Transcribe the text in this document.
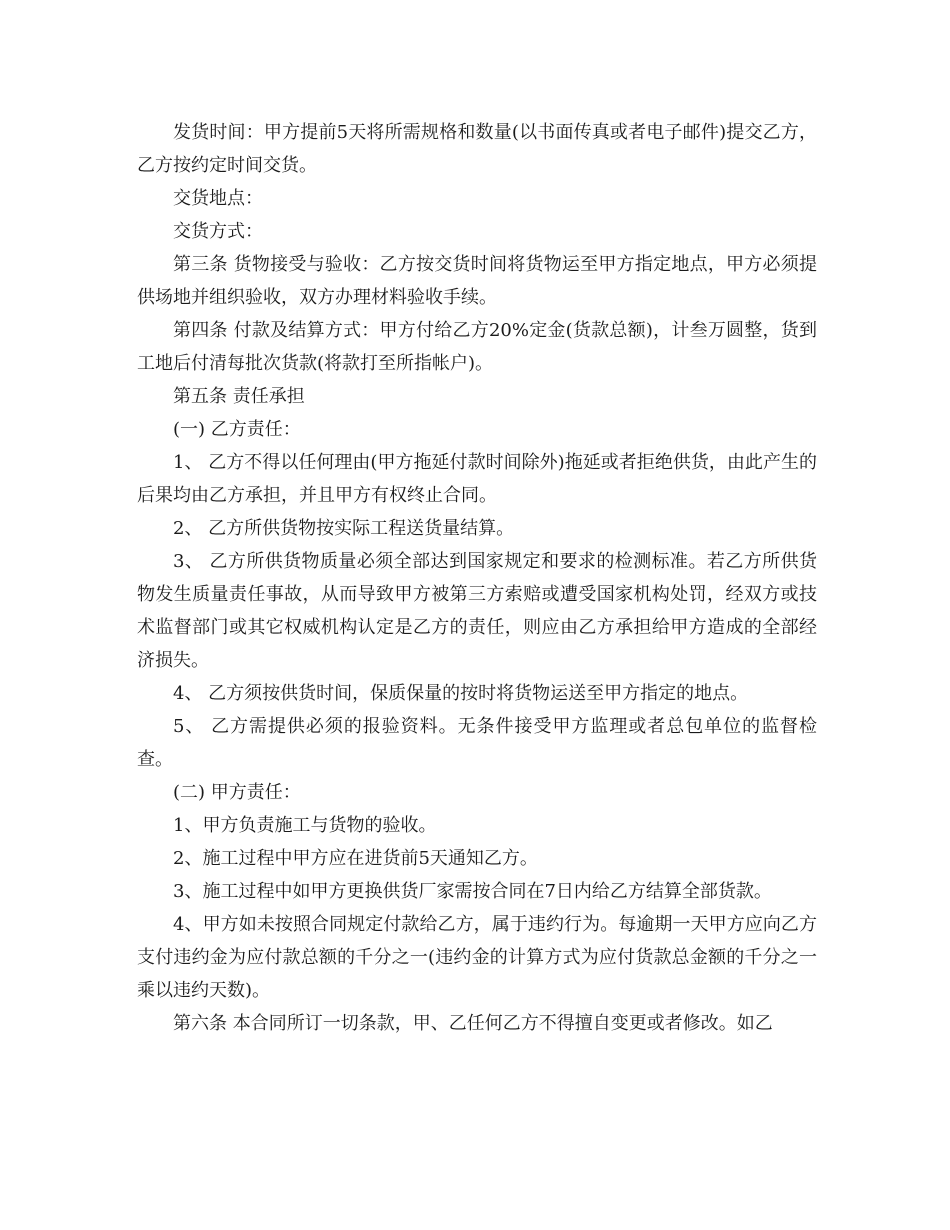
发货时间：甲方提前5天将所需规格和数量(以书面传真或者电子邮件)提交乙方，乙方按约定时间交货。

交货地点：

交货方式：

第三条 货物接受与验收：乙方按交货时间将货物运至甲方指定地点，甲方必须提供场地并组织验收，双方办理材料验收手续。

第四条 付款及结算方式：甲方付给乙方20%定金(货款总额)，计叁万圆整，货到工地后付清每批次货款(将款打至所指帐户)。

第五条 责任承担

(一) 乙方责任：

1、 乙方不得以任何理由(甲方拖延付款时间除外)拖延或者拒绝供货，由此产生的后果均由乙方承担，并且甲方有权终止合同。

2、 乙方所供货物按实际工程送货量结算。

3、 乙方所供货物质量必须全部达到国家规定和要求的检测标准。若乙方所供货物发生质量责任事故，从而导致甲方被第三方索赔或遭受国家机构处罚，经双方或技术监督部门或其它权威机构认定是乙方的责任，则应由乙方承担给甲方造成的全部经济损失。

4、 乙方须按供货时间，保质保量的按时将货物运送至甲方指定的地点。

5、 乙方需提供必须的报验资料。无条件接受甲方监理或者总包单位的监督检查。

(二) 甲方责任：

1、甲方负责施工与货物的验收。

2、施工过程中甲方应在进货前5天通知乙方。

3、施工过程中如甲方更换供货厂家需按合同在7日内给乙方结算全部货款。

4、甲方如未按照合同规定付款给乙方，属于违约行为。每逾期一天甲方应向乙方支付违约金为应付款总额的千分之一(违约金的计算方式为应付货款总金额的千分之一乘以违约天数)。

第六条 本合同所订一切条款，甲、乙任何乙方不得擅自变更或者修改。如乙
